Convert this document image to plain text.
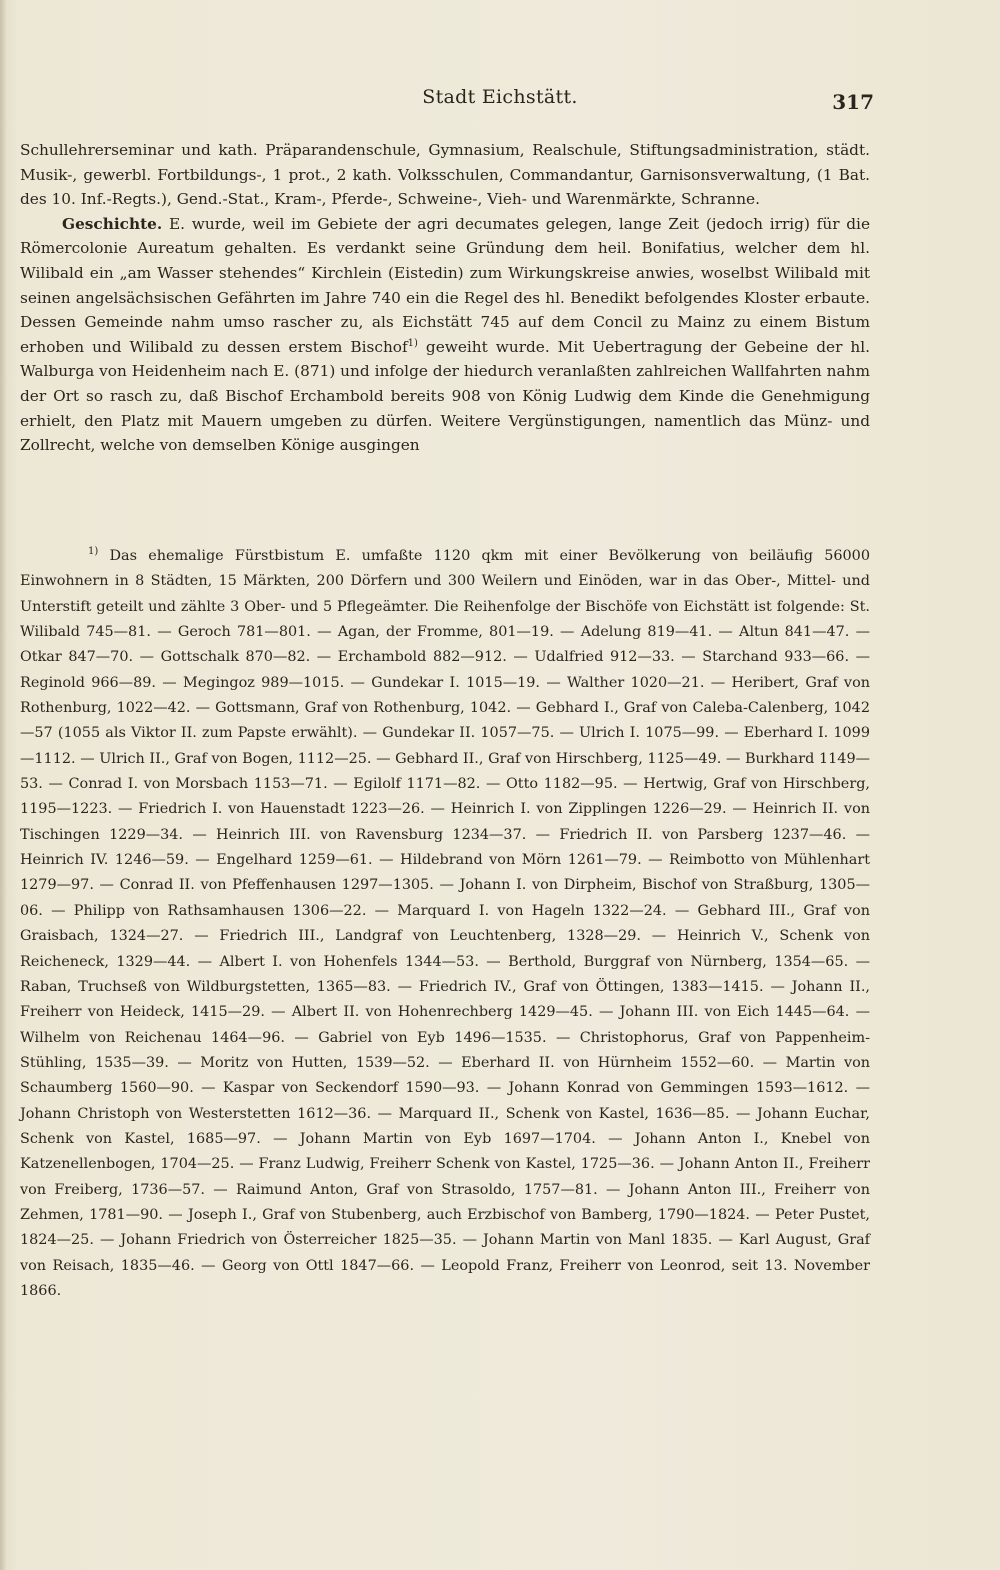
Stadt Eichstätt.	317

Schullehrerseminar und kath. Präparandenschule, Gymnasium, Realschule, Stiftungsadministration, städt. Musik-, gewerbl. Fortbildungs-, 1 prot., 2 kath. Volksschulen, Commandantur, Garnisonsverwaltung, (1 Bat. des 10. Inf.-Regts.), Gend.-Stat., Kram-, Pferde-, Schweine-, Vieh- und Warenmärkte, Schranne.

Geschichte. E. wurde, weil im Gebiete der agri decumates gelegen, lange Zeit (jedoch irrig) für die Römercolonie Aureatum gehalten. Es verdankt seine Gründung dem heil. Bonifatius, welcher dem hl. Wilibald ein „am Wasser stehendes“ Kirchlein (Eistedin) zum Wirkungskreise anwies, woselbst Wilibald mit seinen angelsächsischen Gefährten im Jahre 740 ein die Regel des hl. Benedikt befolgendes Kloster erbaute. Dessen Gemeinde nahm umso rascher zu, als Eichstätt 745 auf dem Concil zu Mainz zu einem Bistum erhoben und Wilibald zu dessen erstem Bischof$^{1)}$ geweiht wurde. Mit Uebertragung der Gebeine der hl. Walburga von Heidenheim nach E. (871) und infolge der hiedurch veranlaßten zahlreichen Wallfahrten nahm der Ort so rasch zu, daß Bischof Erchambold bereits 908 von König Ludwig dem Kinde die Genehmigung erhielt, den Platz mit Mauern umgeben zu dürfen. Weitere Vergünstigungen, namentlich das Münz- und Zollrecht, welche von demselben Könige ausgingen

$^{1)}$ Das ehemalige Fürstbistum E. umfaßte 1120 qkm mit einer Bevölkerung von beiläufig 56000 Einwohnern in 8 Städten, 15 Märkten, 200 Dörfern und 300 Weilern und Einöden, war in das Ober-, Mittel- und Unterstift geteilt und zählte 3 Ober- und 5 Pflegeämter. Die Reihenfolge der Bischöfe von Eichstätt ist folgende: St. Wilibald 745—81. — Geroch 781—801. — Agan, der Fromme, 801—19. — Adelung 819—41. — Altun 841—47. — Otkar 847—70. — Gottschalk 870—82. — Erchambold 882—912. — Udalfried 912—33. — Starchand 933—66. — Reginold 966—89. — Megingoz 989—1015. — Gundekar I. 1015—19. — Walther 1020—21. — Heribert, Graf von Rothenburg, 1022—42. — Gottsmann, Graf von Rothenburg, 1042. — Gebhard I., Graf von Caleba-Calenberg, 1042—57 (1055 als Viktor II. zum Papste erwählt). — Gundekar II. 1057—75. — Ulrich I. 1075—99. — Eberhard I. 1099—1112. — Ulrich II., Graf von Bogen, 1112—25. — Gebhard II., Graf von Hirschberg, 1125—49. — Burkhard 1149—53. — Conrad I. von Morsbach 1153—71. — Egilolf 1171—82. — Otto 1182—95. — Hertwig, Graf von Hirschberg, 1195—1223. — Friedrich I. von Hauenstadt 1223—26. — Heinrich I. von Zipplingen 1226—29. — Heinrich II. von Tischingen 1229—34. — Heinrich III. von Ravensburg 1234—37. — Friedrich II. von Parsberg 1237—46. — Heinrich IV. 1246—59. — Engelhard 1259—61. — Hildebrand von Mörn 1261—79. — Reimbotto von Mühlenhart 1279—97. — Conrad II. von Pfeffenhausen 1297—1305. — Johann I. von Dirpheim, Bischof von Straßburg, 1305—06. — Philipp von Rathsamhausen 1306—22. — Marquard I. von Hageln 1322—24. — Gebhard III., Graf von Graisbach, 1324—27. — Friedrich III., Landgraf von Leuchtenberg, 1328—29. — Heinrich V., Schenk von Reicheneck, 1329—44. — Albert I. von Hohenfels 1344—53. — Berthold, Burggraf von Nürnberg, 1354—65. — Raban, Truchseß von Wildburgstetten, 1365—83. — Friedrich IV., Graf von Öttingen, 1383—1415. — Johann II., Freiherr von Heideck, 1415—29. — Albert II. von Hohenrechberg 1429—45. — Johann III. von Eich 1445—64. — Wilhelm von Reichenau 1464—96. — Gabriel von Eyb 1496—1535. — Christophorus, Graf von Pappenheim-Stühling, 1535—39. — Moritz von Hutten, 1539—52. — Eberhard II. von Hürnheim 1552—60. — Martin von Schaumberg 1560—90. — Kaspar von Seckendorf 1590—93. — Johann Konrad von Gemmingen 1593—1612. — Johann Christoph von Westerstetten 1612—36. — Marquard II., Schenk von Kastel, 1636—85. — Johann Euchar, Schenk von Kastel, 1685—97. — Johann Martin von Eyb 1697—1704. — Johann Anton I., Knebel von Katzenellenbogen, 1704—25. — Franz Ludwig, Freiherr Schenk von Kastel, 1725—36. — Johann Anton II., Freiherr von Freiberg, 1736—57. — Raimund Anton, Graf von Strasoldo, 1757—81. — Johann Anton III., Freiherr von Zehmen, 1781—90. — Joseph I., Graf von Stubenberg, auch Erzbischof von Bamberg, 1790—1824. — Peter Pustet, 1824—25. — Johann Friedrich von Österreicher 1825—35. — Johann Martin von Manl 1835. — Karl August, Graf von Reisach, 1835—46. — Georg von Ottl 1847—66. — Leopold Franz, Freiherr von Leonrod, seit 13. November 1866.
